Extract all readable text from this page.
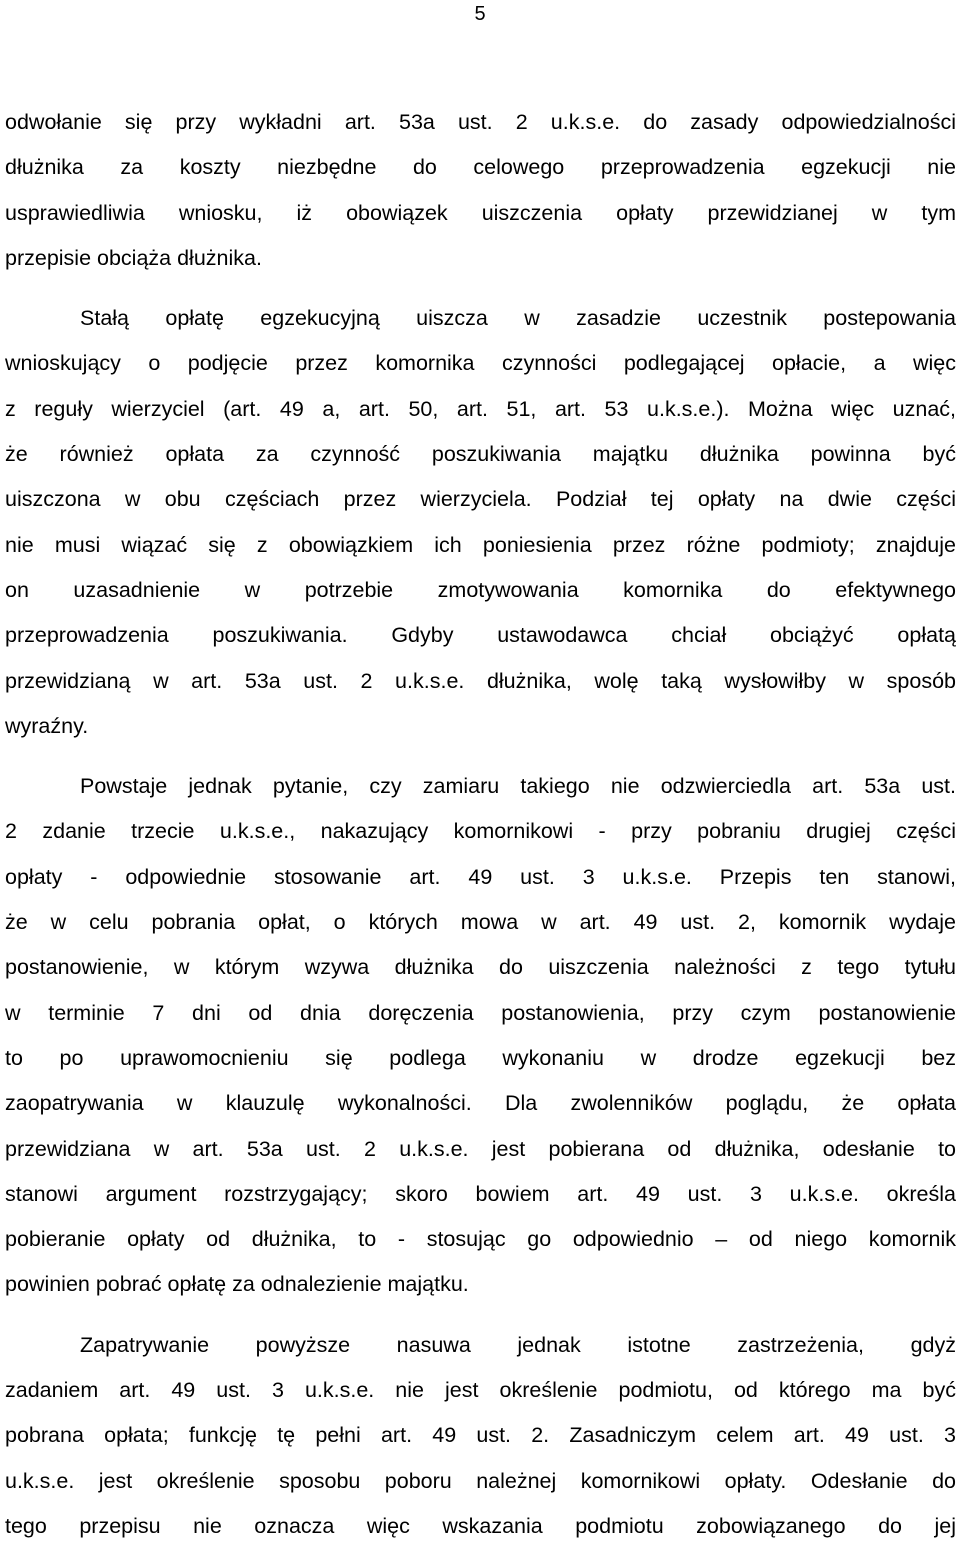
5
odwołanie się przy wykładni art. 53a ust. 2 u.k.s.e. do zasady odpowiedzialności
dłużnika za koszty niezbędne do celowego przeprowadzenia egzekucji nie
usprawiedliwia wniosku, iż obowiązek uiszczenia opłaty przewidzianej w tym
przepisie obciąża dłużnika.
Stałą opłatę egzekucyjną uiszcza w zasadzie uczestnik postepowania
wnioskujący o podjęcie przez komornika czynności podlegającej opłacie, a więc
z reguły wierzyciel (art. 49 a, art. 50, art. 51, art. 53 u.k.s.e.). Można więc uznać,
że również opłata za czynność poszukiwania majątku dłużnika powinna być
uiszczona w obu częściach przez wierzyciela. Podział tej opłaty na dwie części
nie musi wiązać się z obowiązkiem ich poniesienia przez różne podmioty; znajduje
on uzasadnienie w potrzebie zmotywowania komornika do efektywnego
przeprowadzenia poszukiwania. Gdyby ustawodawca chciał obciążyć opłatą
przewidzianą w art. 53a ust. 2 u.k.s.e. dłużnika, wolę taką wysłowiłby w sposób
wyraźny.
Powstaje jednak pytanie, czy zamiaru takiego nie odzwierciedla art. 53a ust.
2 zdanie trzecie u.k.s.e., nakazujący komornikowi - przy pobraniu drugiej części
opłaty - odpowiednie stosowanie art. 49 ust. 3 u.k.s.e. Przepis ten stanowi,
że w celu pobrania opłat, o których mowa w art. 49 ust. 2, komornik wydaje
postanowienie, w którym wzywa dłużnika do uiszczenia należności z tego tytułu
w terminie 7 dni od dnia doręczenia postanowienia, przy czym postanowienie
to po uprawomocnieniu się podlega wykonaniu w drodze egzekucji bez
zaopatrywania w klauzulę wykonalności. Dla zwolenników poglądu, że opłata
przewidziana w art. 53a ust. 2 u.k.s.e. jest pobierana od dłużnika, odesłanie to
stanowi argument rozstrzygający; skoro bowiem art. 49 ust. 3 u.k.s.e. określa
pobieranie opłaty od dłużnika, to - stosując go odpowiednio – od niego komornik
powinien pobrać opłatę za odnalezienie majątku.
Zapatrywanie powyższe nasuwa jednak istotne zastrzeżenia, gdyż
zadaniem art. 49 ust. 3 u.k.s.e. nie jest określenie podmiotu, od którego ma być
pobrana opłata; funkcję tę pełni art. 49 ust. 2. Zasadniczym celem art. 49 ust. 3
u.k.s.e. jest określenie sposobu poboru należnej komornikowi opłaty. Odesłanie do
tego przepisu nie oznacza więc wskazania podmiotu zobowiązanego do jej
